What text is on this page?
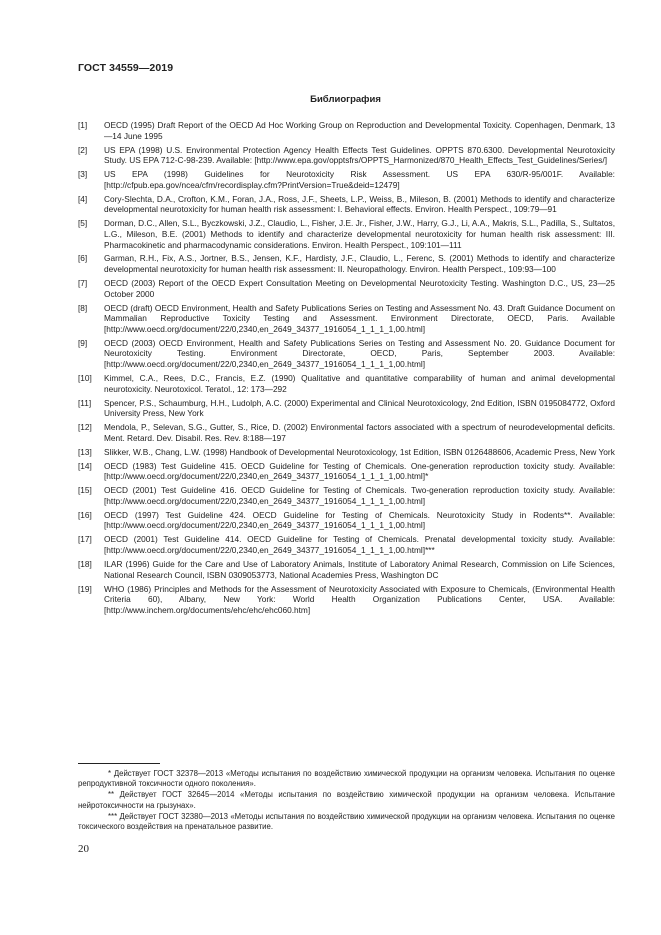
ГОСТ 34559—2019
Библиография
[1]	OECD (1995) Draft Report of the OECD Ad Hoc Working Group on Reproduction and Developmental Toxicity. Copenhagen, Denmark, 13—14 June 1995
[2]	US EPA (1998) U.S. Environmental Protection Agency Health Effects Test Guidelines. OPPTS 870.6300. Developmental Neurotoxicity Study. US EPA 712-C-98-239. Available: [http://www.epa.gov/opptsfrs/OPPTS_Harmonized/870_Health_Effects_Test_Guidelines/Series/]
[3]	US EPA (1998) Guidelines for Neurotoxicity Risk Assessment. US EPA 630/R-95/001F. Available: [http://cfpub.epa.gov/ncea/cfm/recordisplay.cfm?PrintVersion=True&deid=12479]
[4]	Cory-Slechta, D.A., Crofton, K.M., Foran, J.A., Ross, J.F., Sheets, L.P., Weiss, B., Mileson, B. (2001) Methods to identify and characterize developmental neurotoxicity for human health risk assessment: I. Behavioral effects. Environ. Health Perspect., 109:79—91
[5]	Dorman, D.C., Allen, S.L., Byczkowski, J.Z., Claudio, L., Fisher, J.E. Jr., Fisher, J.W., Harry, G.J., Li, A.A., Makris, S.L., Padilla, S., Sultatos, L.G., Mileson, B.E. (2001) Methods to identify and characterize developmental neurotoxicity for human health risk assessment: III. Pharmacokinetic and pharmacodynamic considerations. Environ. Health Perspect., 109:101—111
[6]	Garman, R.H., Fix, A.S., Jortner, B.S., Jensen, K.F., Hardisty, J.F., Claudio, L., Ferenc, S. (2001) Methods to identify and characterize developmental neurotoxicity for human health risk assessment: II. Neuropathology. Environ. Health Perspect., 109:93—100
[7]	OECD (2003) Report of the OECD Expert Consultation Meeting on Developmental Neurotoxicity Testing. Washington D.C., US, 23—25 October 2000
[8]	OECD (draft) OECD Environment, Health and Safety Publications Series on Testing and Assessment No. 43. Draft Guidance Document on Mammalian Reproductive Toxicity Testing and Assessment. Environment Directorate, OECD, Paris. Available [http://www.oecd.org/document/22/0,2340,en_2649_34377_1916054_1_1_1_1,00.html]
[9]	OECD (2003) OECD Environment, Health and Safety Publications Series on Testing and Assessment No. 20. Guidance Document for Neurotoxicity Testing. Environment Directorate, OECD, Paris, September 2003. Available: [http://www.oecd.org/document/22/0,2340,en_2649_34377_1916054_1_1_1_1,00.html]
[10]	Kimmel, C.A., Rees, D.C., Francis, E.Z. (1990) Qualitative and quantitative comparability of human and animal developmental neurotoxicity. Neurotoxicol. Teratol., 12: 173—292
[11]	Spencer, P.S., Schaumburg, H.H., Ludolph, A.C. (2000) Experimental and Clinical Neurotoxicology, 2nd Edition, ISBN 0195084772, Oxford University Press, New York
[12]	Mendola, P., Selevan, S.G., Gutter, S., Rice, D. (2002) Environmental factors associated with a spectrum of neurodevelopmental deficits. Ment. Retard. Dev. Disabil. Res. Rev. 8:188—197
[13]	Slikker, W.B., Chang, L.W. (1998) Handbook of Developmental Neurotoxicology, 1st Edition, ISBN 0126488606, Academic Press, New York
[14]	OECD (1983) Test Guideline 415. OECD Guideline for Testing of Chemicals. One-generation reproduction toxicity study. Available: [http://www.oecd.org/document/22/0,2340,en_2649_34377_1916054_1_1_1_1,00.html]*
[15]	OECD (2001) Test Guideline 416. OECD Guideline for Testing of Chemicals. Two-generation reproduction toxicity study. Available: [http://www.oecd.org/document/22/0,2340,en_2649_34377_1916054_1_1_1_1,00.html]
[16]	OECD (1997) Test Guideline 424. OECD Guideline for Testing of Chemicals. Neurotoxicity Study in Rodents**. Available: [http://www.oecd.org/document/22/0,2340,en_2649_34377_1916054_1_1_1_1,00.html]
[17]	OECD (2001) Test Guideline 414. OECD Guideline for Testing of Chemicals. Prenatal developmental toxicity study. Available: [http://www.oecd.org/document/22/0,2340,en_2649_34377_1916054_1_1_1_1,00.html]***
[18]	ILAR (1996) Guide for the Care and Use of Laboratory Animals, Institute of Laboratory Animal Research, Commission on Life Sciences, National Research Council, ISBN 0309053773, National Academies Press, Washington DC
[19]	WHO (1986) Principles and Methods for the Assessment of Neurotoxicity Associated with Exposure to Chemicals, (Environmental Health Criteria 60), Albany, New York: World Health Organization Publications Center, USA. Available: [http://www.inchem.org/documents/ehc/ehc/ehc060.htm]
* Действует ГОСТ 32378—2013 «Методы испытания по воздействию химической продукции на организм человека. Испытания по оценке репродуктивной токсичности одного поколения».
** Действует ГОСТ 32645—2014 «Методы испытания по воздействию химической продукции на организм человека. Испытание нейротоксичности на грызунах».
*** Действует ГОСТ 32380—2013 «Методы испытания по воздействию химической продукции на организм человека. Испытания по оценке токсического воздействия на пренатальное развитие.
20
